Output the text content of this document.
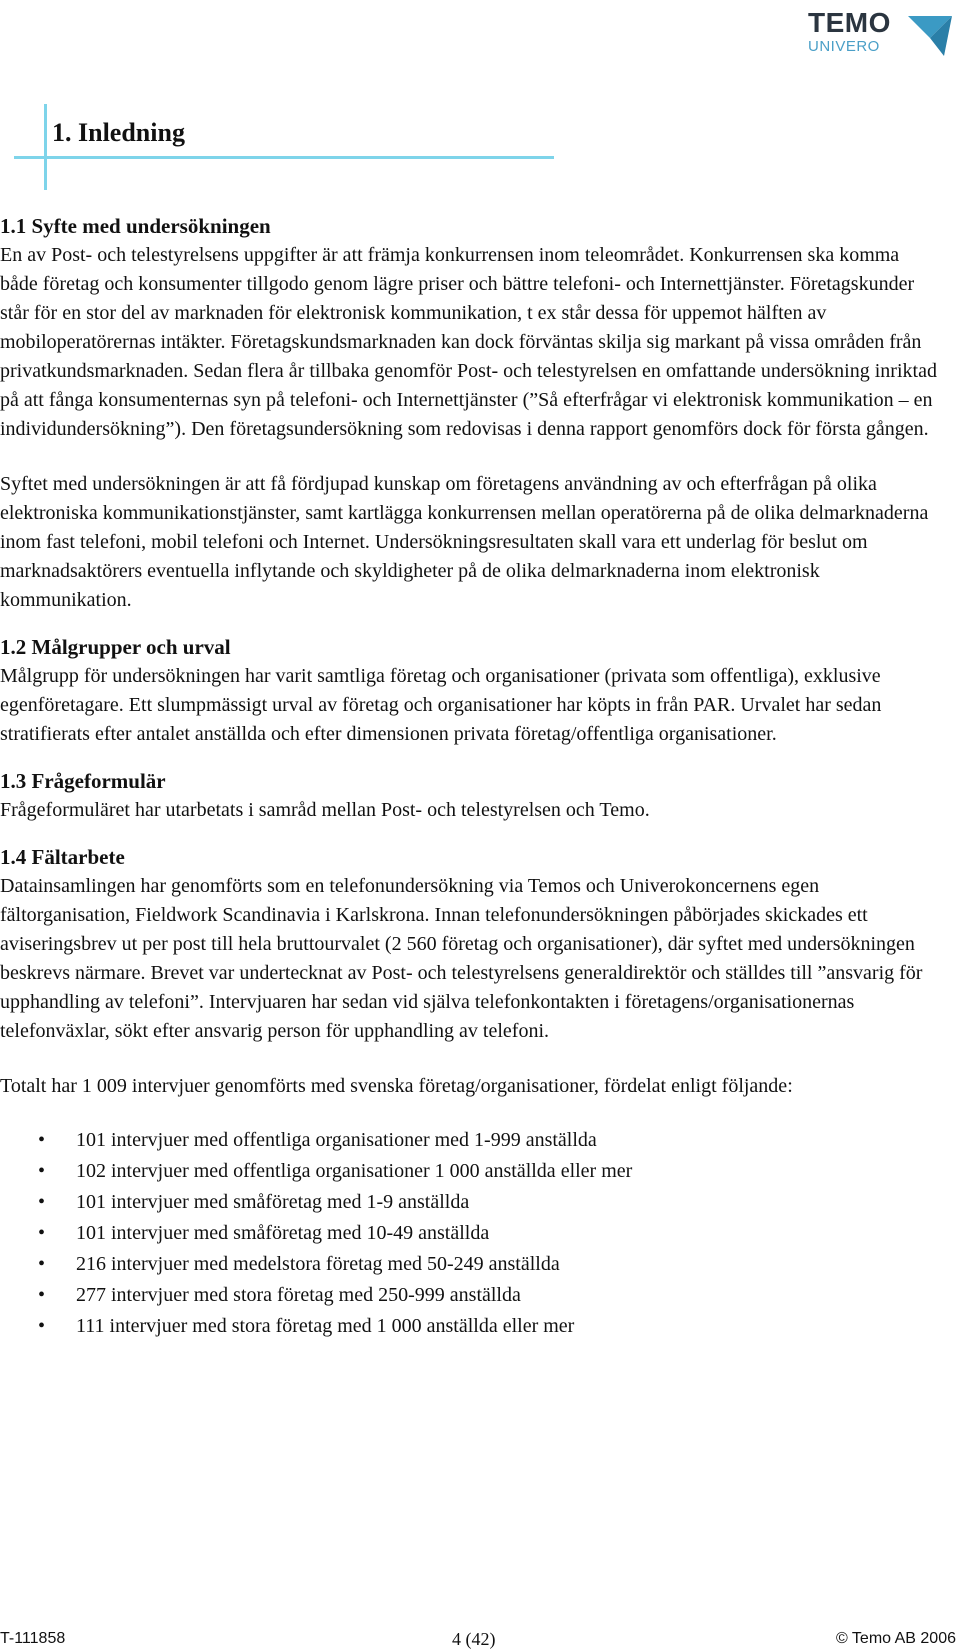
TEMO
UNIVERO
1. Inledning
1.1 Syfte med undersökningen

En av Post- och telestyrelsens uppgifter är att främja konkurrensen inom teleområdet. Konkurrensen ska komma både företag och konsumenter tillgodo genom lägre priser och bättre telefoni- och Internettjänster. Företagskunder står för en stor del av marknaden för elektronisk kommunikation, t ex står dessa för uppemot hälften av mobiloperatörernas intäkter. Företagskundsmarknaden kan dock förväntas skilja sig markant på vissa områden från privatkundsmarknaden. Sedan flera år tillbaka genomför Post- och telestyrelsen en omfattande undersökning inriktad på att fånga konsumenternas syn på telefoni- och Internettjänster (”Så efterfrågar vi elektronisk kommunikation – en individundersökning”). Den företagsundersökning som redovisas i denna rapport genomförs dock för första gången.

Syftet med undersökningen är att få fördjupad kunskap om företagens användning av och efterfrågan på olika elektroniska kommunikationstjänster, samt kartlägga konkurrensen mellan operatörerna på de olika delmarknaderna inom fast telefoni, mobil telefoni och Internet. Undersökningsresultaten skall vara ett underlag för beslut om marknadsaktörers eventuella inflytande och skyldigheter på de olika delmarknaderna inom elektronisk kommunikation.

1.2 Målgrupper och urval

Målgrupp för undersökningen har varit samtliga företag och organisationer (privata som offentliga), exklusive egenföretagare. Ett slumpmässigt urval av företag och organisationer har köpts in från PAR. Urvalet har sedan stratifierats efter antalet anställda och efter dimensionen privata företag/offentliga organisationer.

1.3 Frågeformulär

Frågeformuläret har utarbetats i samråd mellan Post- och telestyrelsen och Temo.

1.4 Fältarbete

Datainsamlingen har genomförts som en telefonundersökning via Temos och Univerokoncernens egen fältorganisation, Fieldwork Scandinavia i Karlskrona. Innan telefonundersökningen påbörjades skickades ett aviseringsbrev ut per post till hela bruttourvalet (2 560 företag och organisationer), där syftet med undersökningen beskrevs närmare. Brevet var undertecknat av Post- och telestyrelsens generaldirektör och ställdes till ”ansvarig för upphandling av telefoni”. Intervjuaren har sedan vid själva telefonkontakten i företagens/organisationernas telefonväxlar, sökt efter ansvarig person för upphandling av telefoni.

Totalt har 1 009 intervjuer genomförts med svenska företag/organisationer, fördelat enligt följande:

• 101 intervjuer med offentliga organisationer med 1-999 anställda
• 102 intervjuer med offentliga organisationer 1 000 anställda eller mer
• 101 intervjuer med småföretag med 1-9 anställda
• 101 intervjuer med småföretag med 10-49 anställda
• 216 intervjuer med medelstora företag med 50-249 anställda
• 277 intervjuer med stora företag med 250-999 anställda
• 111 intervjuer med stora företag med 1 000 anställda eller mer
T-111858	4 (42)	© Temo AB 2006
